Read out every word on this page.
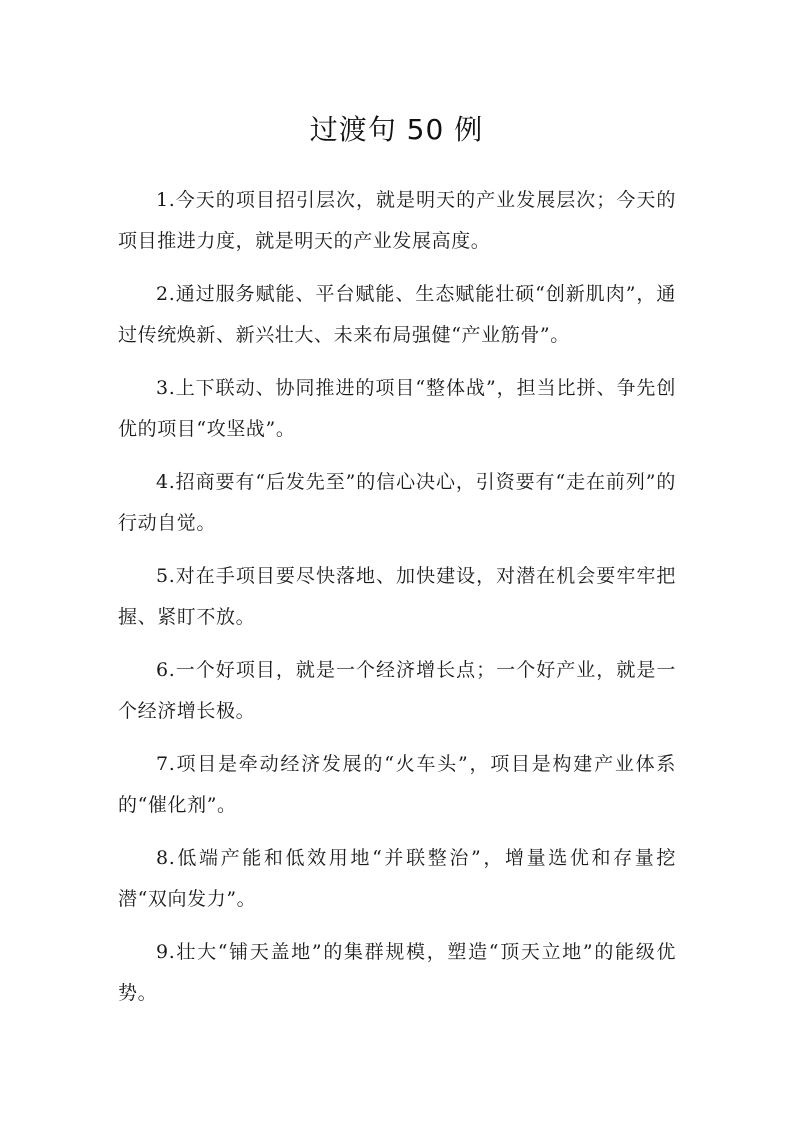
过渡句 50 例

1.今天的项目招引层次，就是明天的产业发展层次；今天的项目推进力度，就是明天的产业发展高度。

2.通过服务赋能、平台赋能、生态赋能壮硕“创新肌肉”，通过传统焕新、新兴壮大、未来布局强健“产业筋骨”。

3.上下联动、协同推进的项目“整体战”，担当比拼、争先创优的项目“攻坚战”。

4.招商要有“后发先至”的信心决心，引资要有“走在前列”的行动自觉。

5.对在手项目要尽快落地、加快建设，对潜在机会要牢牢把握、紧盯不放。

6.一个好项目，就是一个经济增长点；一个好产业，就是一个经济增长极。

7.项目是牵动经济发展的“火车头”，项目是构建产业体系的“催化剂”。

8.低端产能和低效用地“并联整治”，增量选优和存量挖潜“双向发力”。

9.壮大“铺天盖地”的集群规模，塑造“顶天立地”的能级优势。
